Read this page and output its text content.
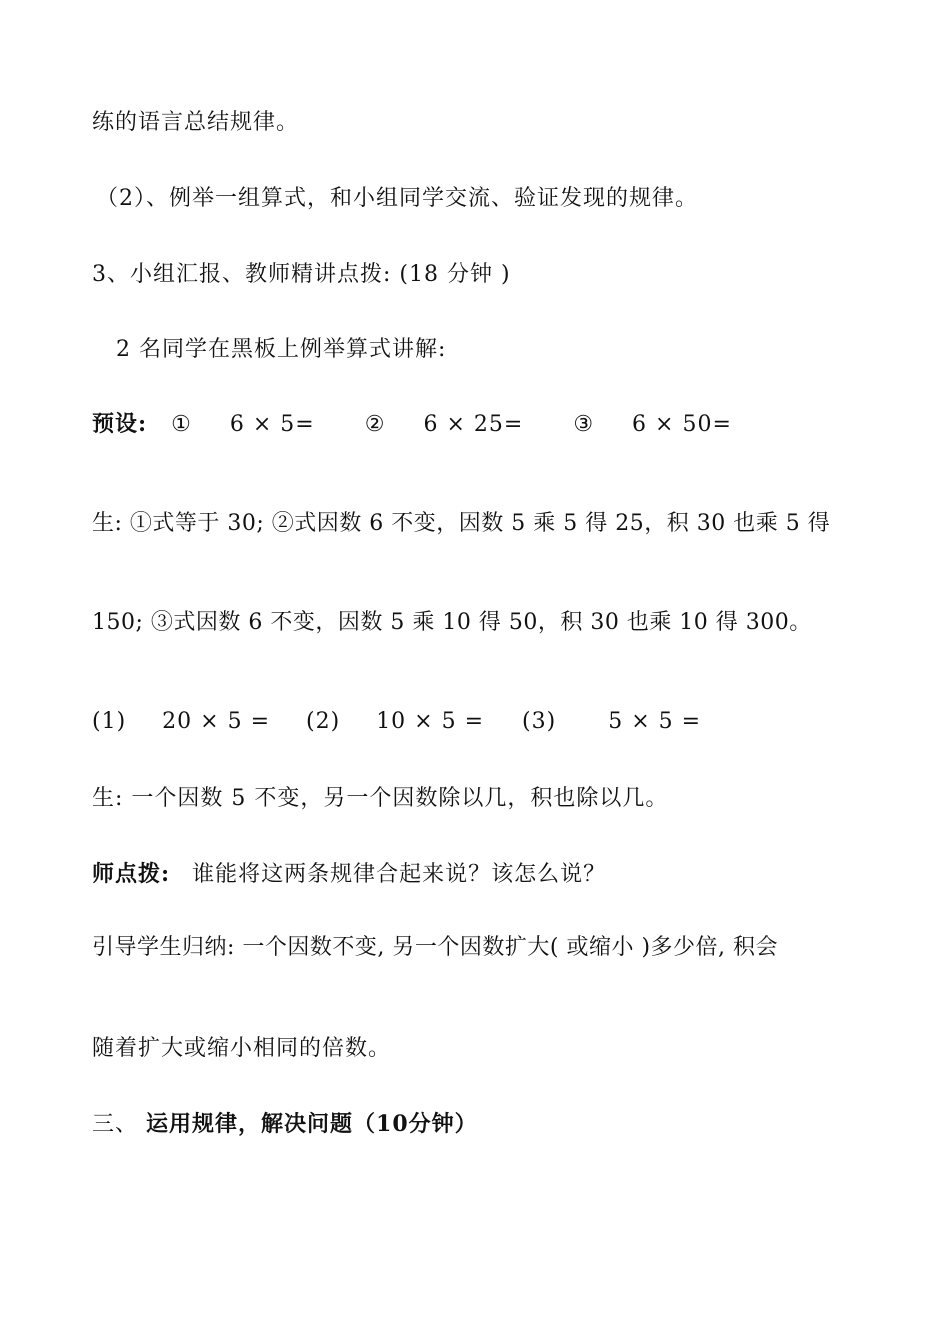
练的语言总结规律。
（2）、例举一组算式，和小组同学交流、验证发现的规律。
3、小组汇报、教师精讲点拨: (18 分钟 )
2 名同学在黑板上例举算式讲解:
预设: ① 6 × 5= ② 6 × 25= ③ 6 × 50=
生: ①式等于 30; ②式因数 6 不变，因数 5 乘 5 得 25，积 30 也乘 5 得
150; ③式因数 6 不变，因数 5 乘 10 得 50，积 30 也乘 10 得 300。
(1) 20 × 5 = (2) 10 × 5 = (3) 5 × 5 =
生: 一个因数 5 不变，另一个因数除以几，积也除以几。
师点拨: 谁能将这两条规律合起来说？该怎么说？
引导学生归纳: 一个因数不变, 另一个因数扩大( 或缩小 )多少倍, 积会
随着扩大或缩小相同的倍数。
三、 运用规律，解决问题（10分钟）
